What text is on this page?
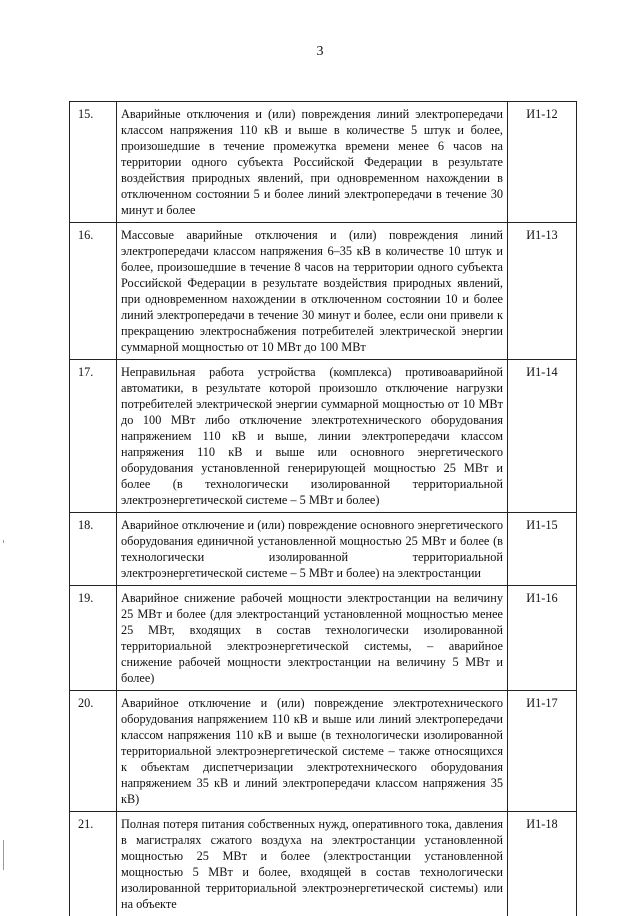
3
15.	Аварийные отключения и (или) повреждения линий электропередачи классом напряжения 110 кВ и выше в количестве 5 штук и более, произошедшие в течение промежутка времени менее 6 часов на территории одного субъекта Российской Федерации в результате воздействия природных явлений, при одновременном нахождении в отключенном состоянии 5 и более линий электропередачи в течение 30 минут и более	И1-12
16.	Массовые аварийные отключения и (или) повреждения линий электропередачи классом напряжения 6–35 кВ в количестве 10 штук и более, произошедшие в течение 8 часов на территории одного субъекта Российской Федерации в результате воздействия природных явлений, при одновременном нахождении в отключенном состоянии 10 и более линий электропередачи в течение 30 минут и более, если они привели к прекращению электроснабжения потребителей электрической энергии суммарной мощностью от 10 МВт до 100 МВт	И1-13
17.	Неправильная работа устройства (комплекса) противоаварийной автоматики, в результате которой произошло отключение нагрузки потребителей электрической энергии суммарной мощностью от 10 МВт до 100 МВт либо отключение электротехнического оборудования напряжением 110 кВ и выше, линии электропередачи классом напряжения 110 кВ и выше или основного энергетического оборудования установленной генерирующей мощностью 25 МВт и более (в технологически изолированной территориальной электроэнергетической системе – 5 МВт и более)	И1-14
18.	Аварийное отключение и (или) повреждение основного энергетического оборудования единичной установленной мощностью 25 МВт и более (в технологически изолированной территориальной электроэнергетической системе – 5 МВт и более) на электростанции	И1-15
19.	Аварийное снижение рабочей мощности электростанции на величину 25 МВт и более (для электростанций установленной мощностью менее 25 МВт, входящих в состав технологически изолированной территориальной электроэнергетической системы, – аварийное снижение рабочей мощности электростанции на величину 5 МВт и более)	И1-16
20.	Аварийное отключение и (или) повреждение электротехнического оборудования напряжением 110 кВ и выше или линий электропередачи классом напряжения 110 кВ и выше (в технологически изолированной территориальной электроэнергетической системе – также относящихся к объектам диспетчеризации электротехнического оборудования напряжением 35 кВ и линий электропередачи классом напряжения 35 кВ)	И1-17
21.	Полная потеря питания собственных нужд, оперативного тока, давления в магистралях сжатого воздуха на электростанции установленной мощностью 25 МВт и более (электростанции установленной мощностью 5 МВт и более, входящей в состав технологически изолированной территориальной электроэнергетической системы) или на объекте	И1-18
